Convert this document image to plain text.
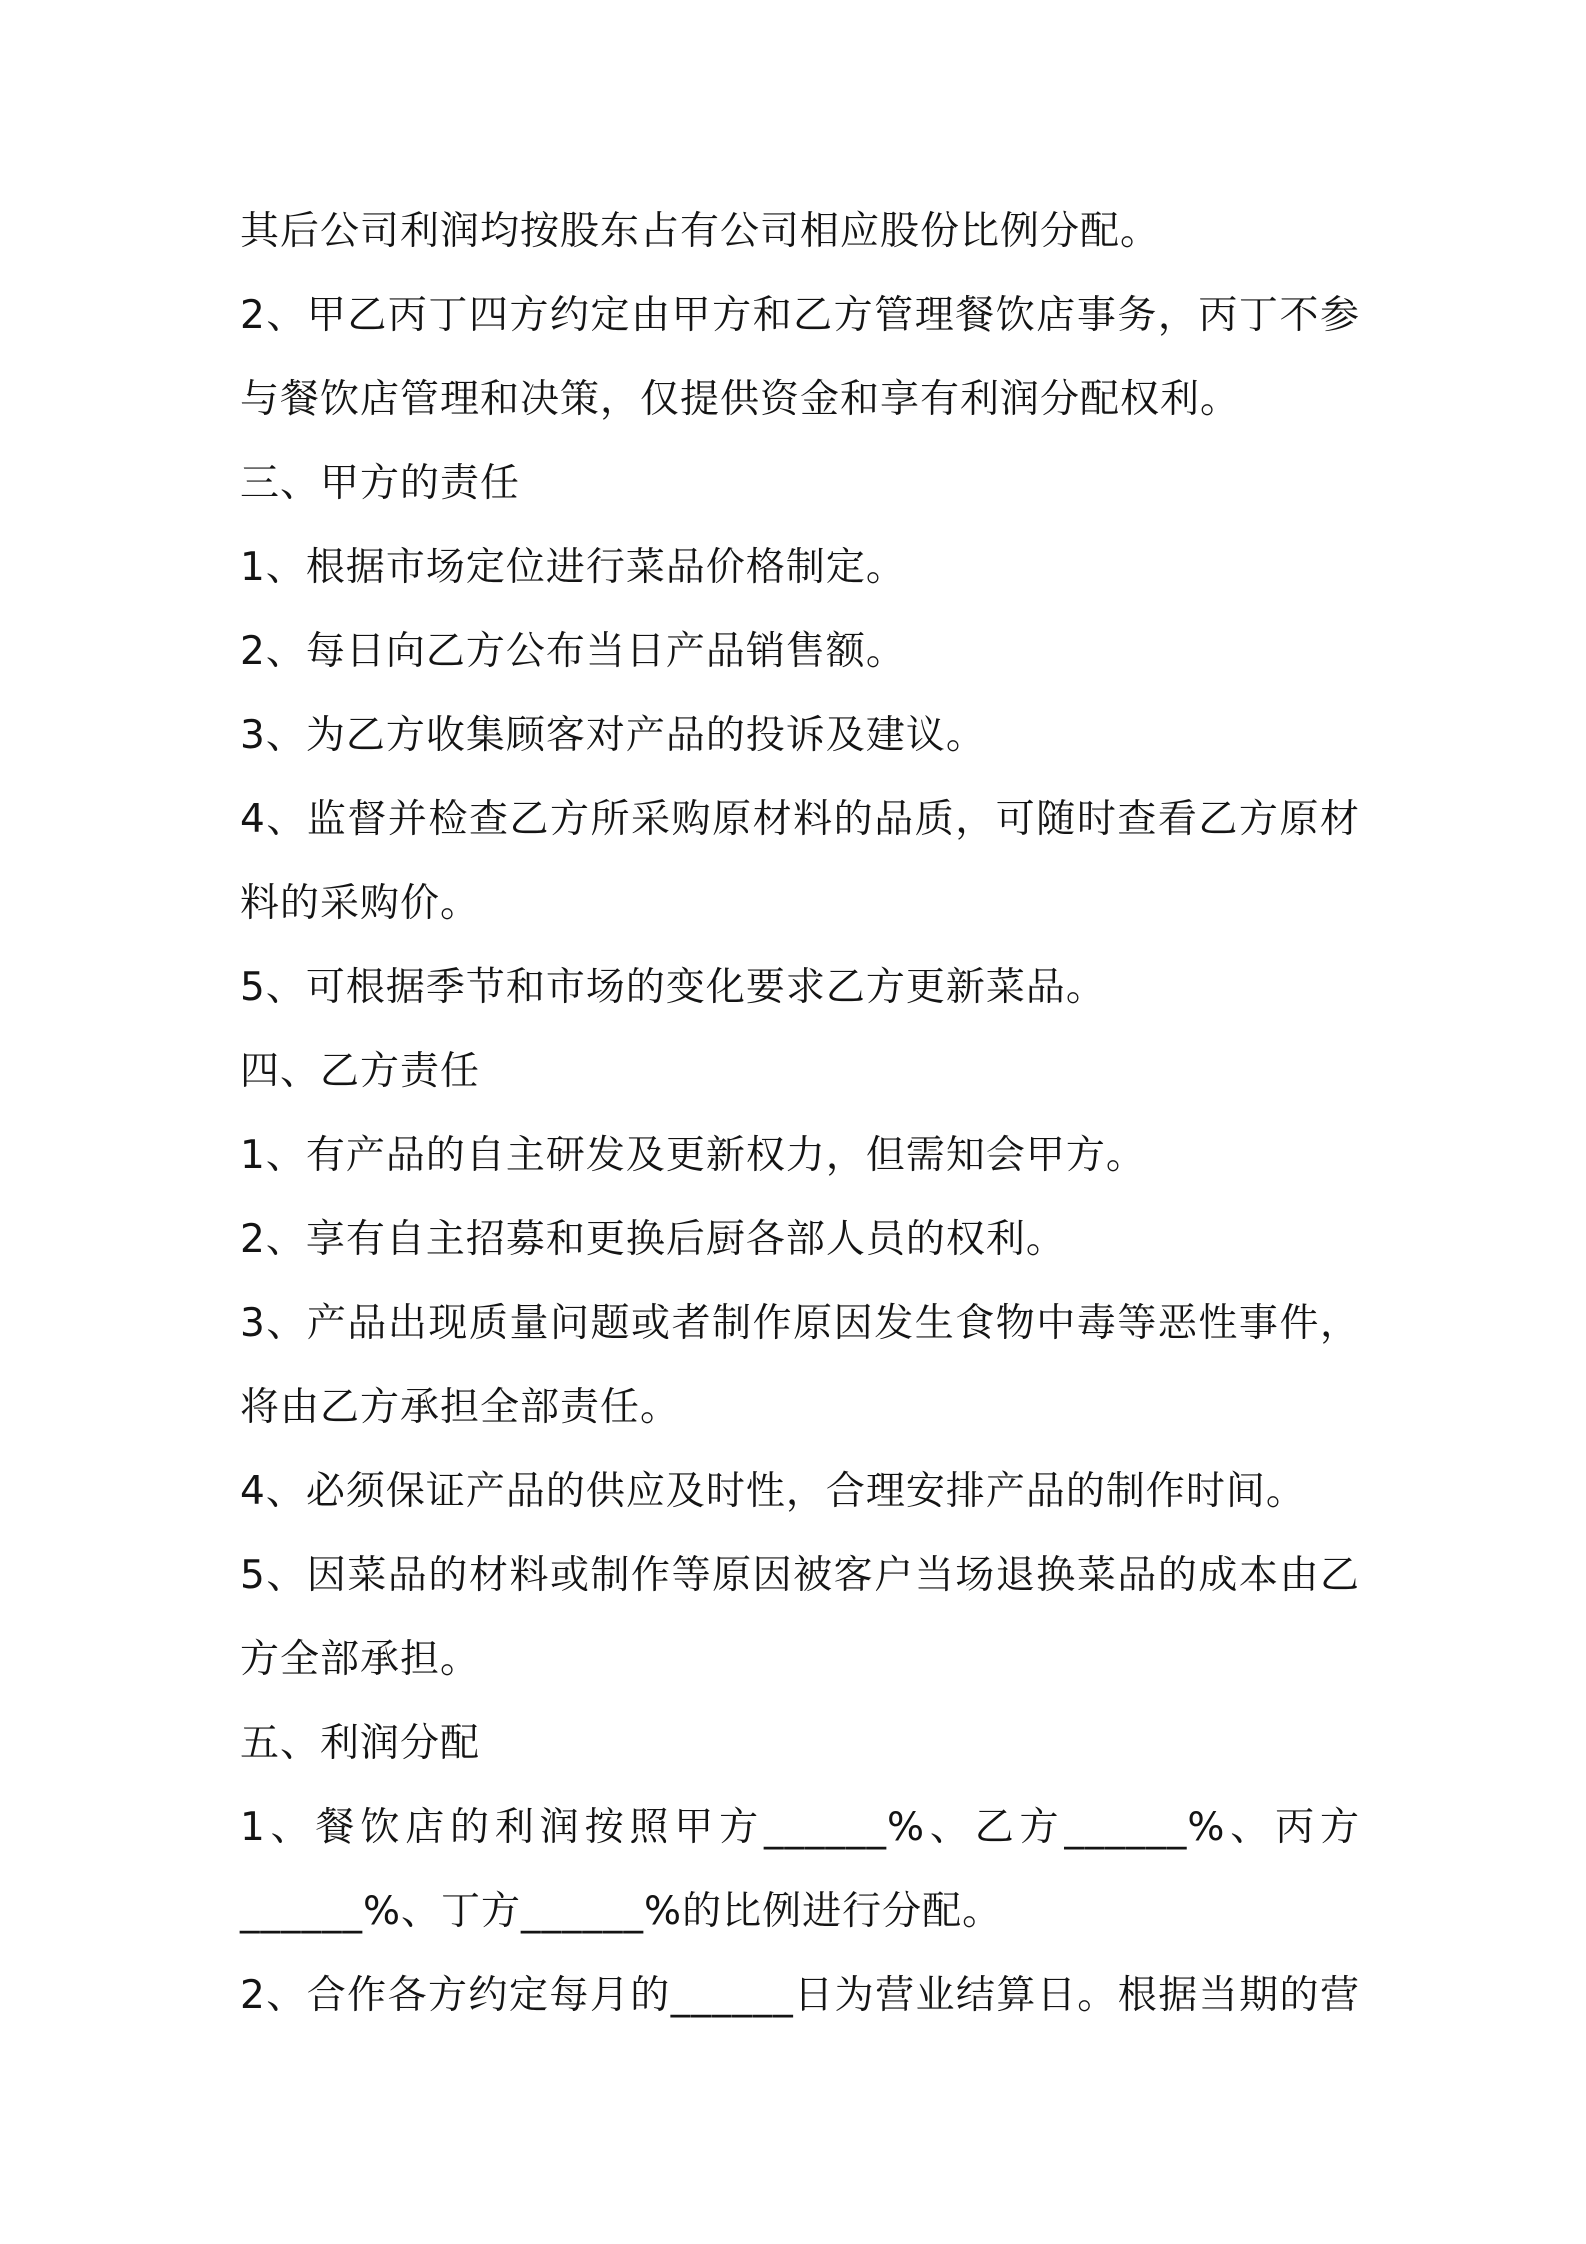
其后公司利润均按股东占有公司相应股份比例分配。
2、甲乙丙丁四方约定由甲方和乙方管理餐饮店事务，丙丁不参
与餐饮店管理和决策，仅提供资金和享有利润分配权利。
三、甲方的责任
1、根据市场定位进行菜品价格制定。
2、每日向乙方公布当日产品销售额。
3、为乙方收集顾客对产品的投诉及建议。
4、监督并检查乙方所采购原材料的品质，可随时查看乙方原材
料的采购价。
5、可根据季节和市场的变化要求乙方更新菜品。
四、乙方责任
1、有产品的自主研发及更新权力，但需知会甲方。
2、享有自主招募和更换后厨各部人员的权利。
3、产品出现质量问题或者制作原因发生食物中毒等恶性事件，
将由乙方承担全部责任。
4、必须保证产品的供应及时性，合理安排产品的制作时间。
5、因菜品的材料或制作等原因被客户当场退换菜品的成本由乙
方全部承担。
五、利润分配
1、餐饮店的利润按照甲方______%、乙方______%、丙方
______%、丁方______%的比例进行分配。
2、合作各方约定每月的______日为营业结算日。根据当期的营
